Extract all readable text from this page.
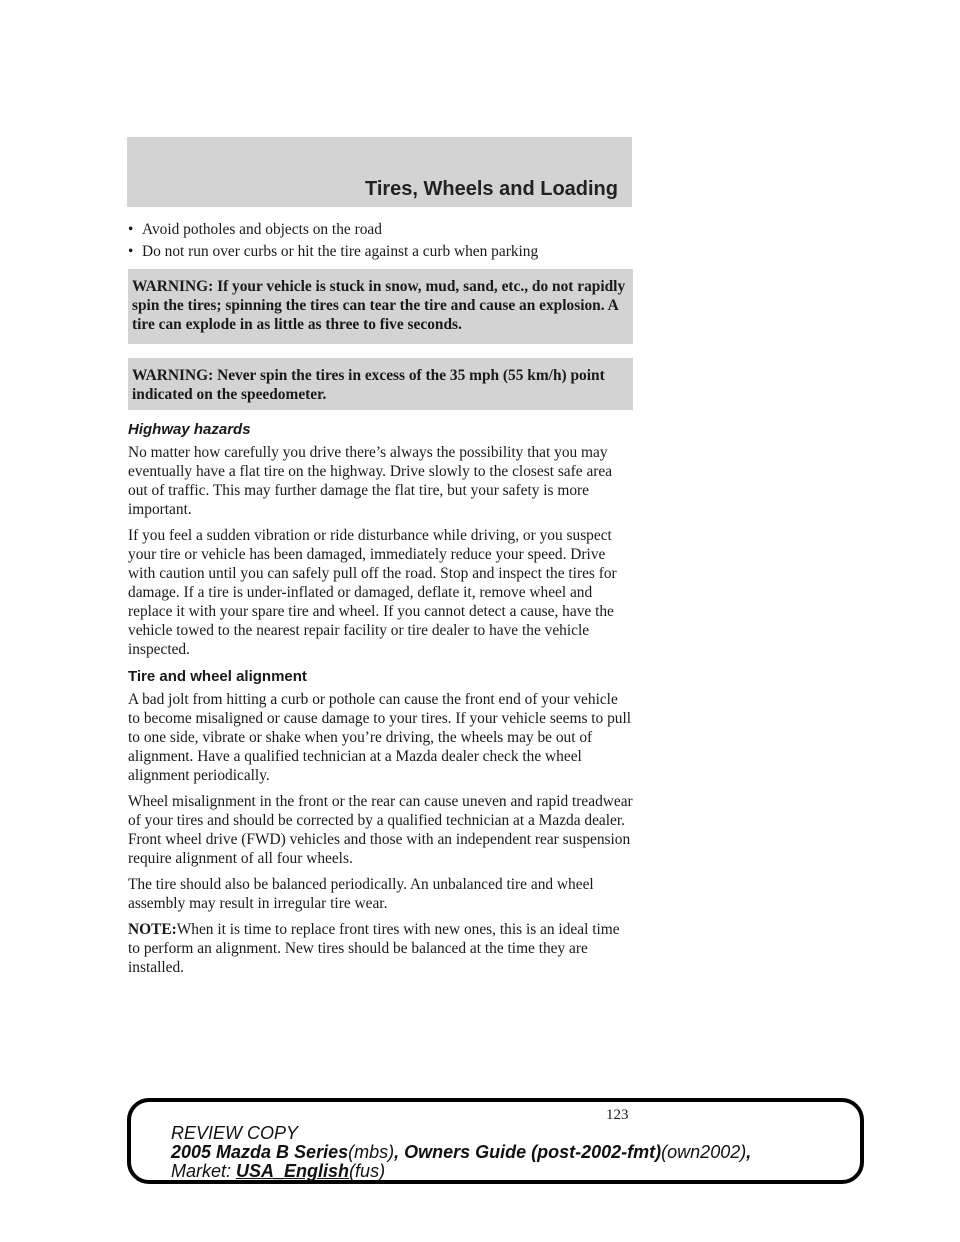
Tires, Wheels and Loading
• Avoid potholes and objects on the road
• Do not run over curbs or hit the tire against a curb when parking
WARNING: If your vehicle is stuck in snow, mud, sand, etc., do not rapidly spin the tires; spinning the tires can tear the tire and cause an explosion. A tire can explode in as little as three to five seconds.
WARNING: Never spin the tires in excess of the 35 mph (55 km/h) point indicated on the speedometer.
Highway hazards

No matter how carefully you drive there’s always the possibility that you may eventually have a flat tire on the highway. Drive slowly to the closest safe area out of traffic. This may further damage the flat tire, but your safety is more important.

If you feel a sudden vibration or ride disturbance while driving, or you suspect your tire or vehicle has been damaged, immediately reduce your speed. Drive with caution until you can safely pull off the road. Stop and inspect the tires for damage. If a tire is under-inflated or damaged, deflate it, remove wheel and replace it with your spare tire and wheel. If you cannot detect a cause, have the vehicle towed to the nearest repair facility or tire dealer to have the vehicle inspected.

Tire and wheel alignment

A bad jolt from hitting a curb or pothole can cause the front end of your vehicle to become misaligned or cause damage to your tires. If your vehicle seems to pull to one side, vibrate or shake when you’re driving, the wheels may be out of alignment. Have a qualified technician at a Mazda dealer check the wheel alignment periodically.

Wheel misalignment in the front or the rear can cause uneven and rapid treadwear of your tires and should be corrected by a qualified technician at a Mazda dealer. Front wheel drive (FWD) vehicles and those with an independent rear suspension require alignment of all four wheels.

The tire should also be balanced periodically. An unbalanced tire and wheel assembly may result in irregular tire wear.

NOTE:When it is time to replace front tires with new ones, this is an ideal time to perform an alignment. New tires should be balanced at the time they are installed.

123
REVIEW COPY
2005 Mazda B Series(mbs), Owners Guide (post-2002-fmt)(own2002),
Market: USA_English(fus)
